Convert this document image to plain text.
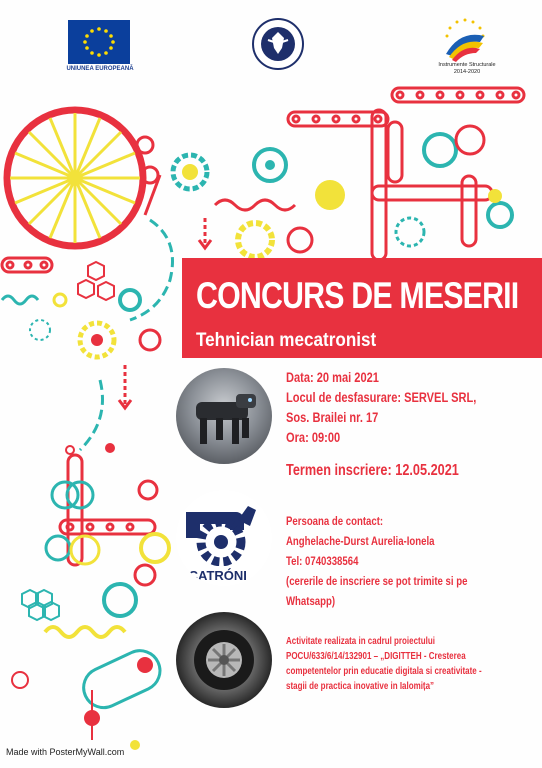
UNIUNEA EUROPEANĂ
Instrumente Structurale
2014-2020
CONCURS DE MESERII
Tehnician mecatronist
ECATRÓNI
Data: 20 mai 2021
Locul de desfasurare: SERVEL SRL,
Sos. Brailei nr. 17
Ora: 09:00
Termen inscriere: 12.05.2021
Persoana de contact:
Anghelache-Durst Aurelia-Ionela
Tel: 0740338564
(cererile de inscriere se pot trimite si pe
Whatsapp)
Activitate realizata in cadrul proiectului
POCU/633/6/14/132901 – „DIGITTEH - Cresterea
competentelor prin educatie digitala si creativitate -
stagii de practica inovative in Ialomița”
Made with PosterMyWall.com
